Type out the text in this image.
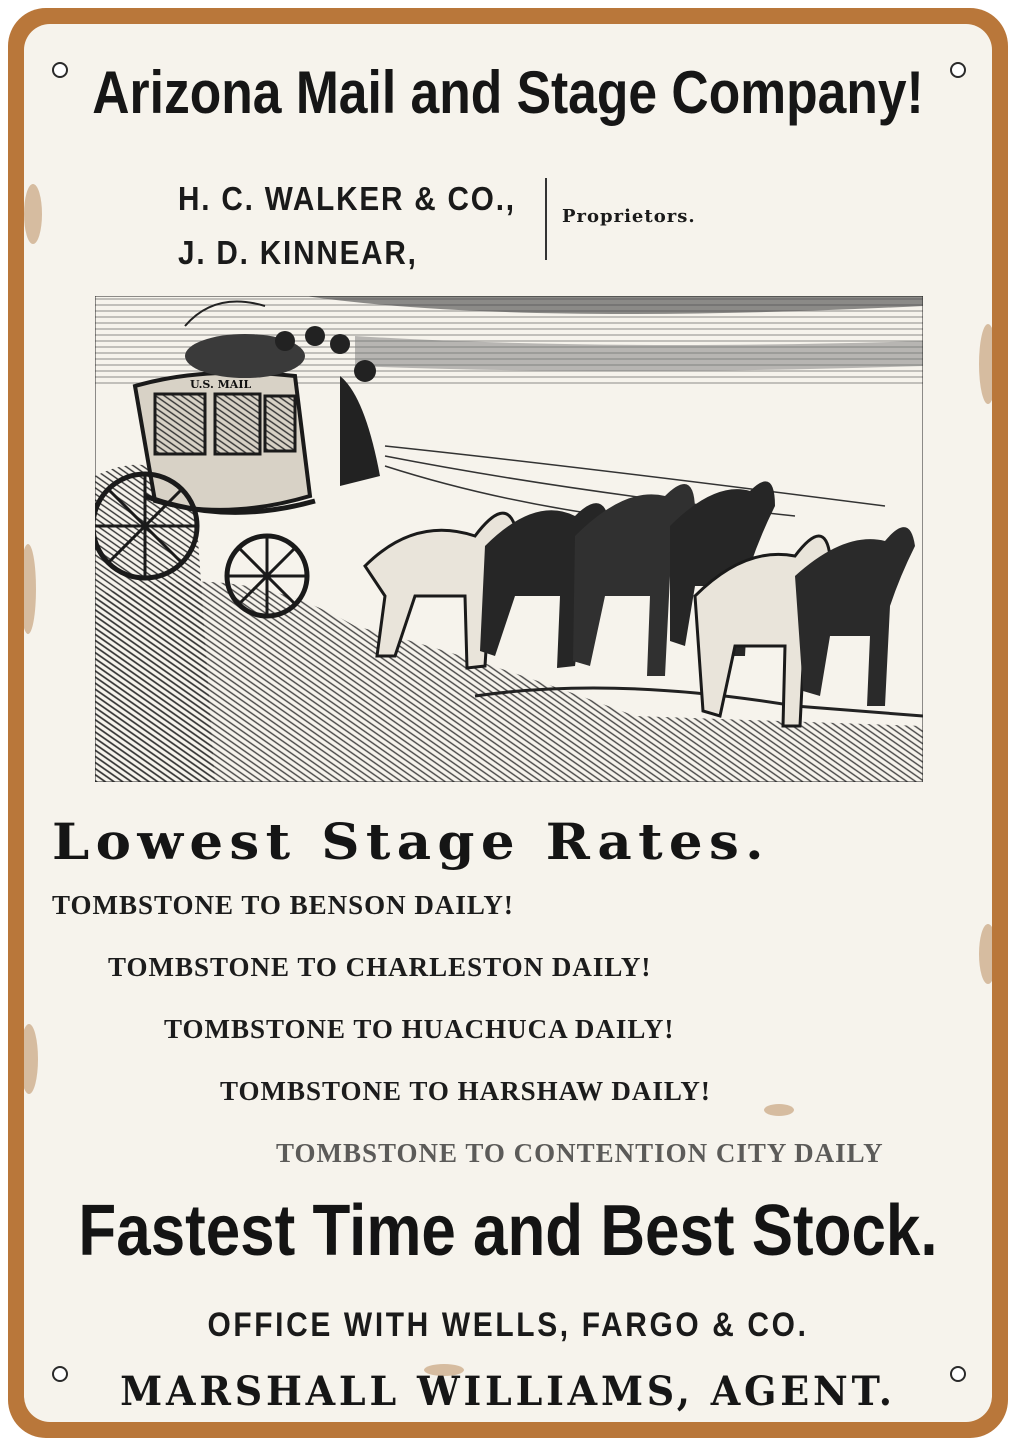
Arizona Mail and Stage Company!
H. C. WALKER & CO.,
J. D. KINNEAR,
Proprietors.
U.S. MAIL
Lowest Stage Rates.
TOMBSTONE TO BENSON DAILY!
TOMBSTONE TO CHARLESTON DAILY!
TOMBSTONE TO HUACHUCA DAILY!
TOMBSTONE TO HARSHAW DAILY!
TOMBSTONE TO CONTENTION CITY DAILY
Fastest Time and Best Stock.
OFFICE WITH WELLS, FARGO & CO.
MARSHALL WILLIAMS, AGENT.
